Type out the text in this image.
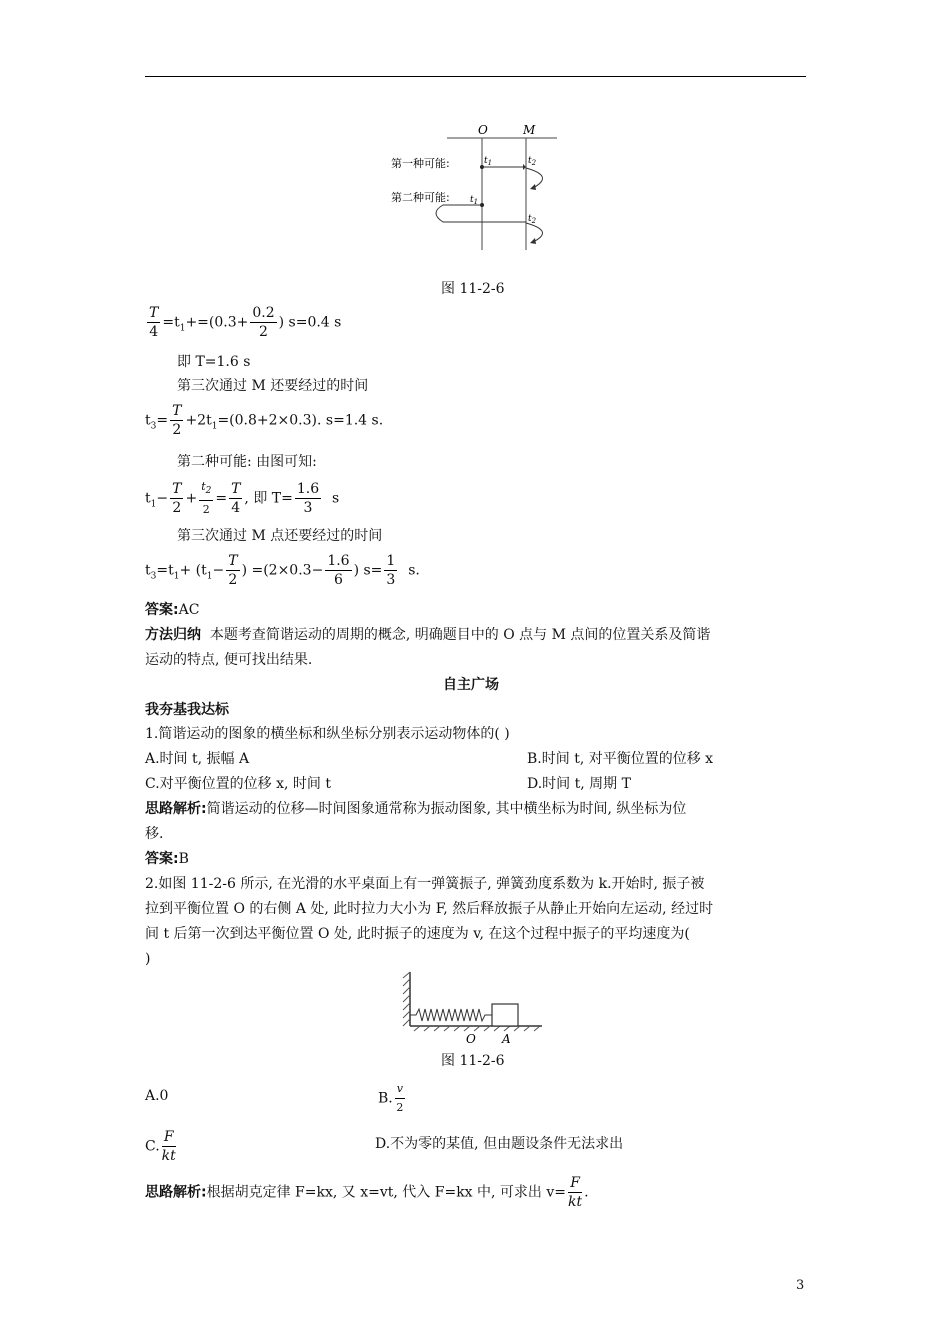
O	M
第一种可能:
第二种可能:
$t_1$	$t_2$
$t_1$
$t_2$
图 11-2-6
$\frac{T}{4} =t_1+=(0.3+ \frac{0.2}{2}$ ) s=0.4 s
即 T=1.6 s
第三次通过 M 还要经过的时间
$t_3= \frac{T}{2} +2t_1=(0.8+2\times 0.3)$. s=1.4 s.
第二种可能: 由图可知:
$t_1- \frac{T}{2} + \frac{t_2}{2} = \frac{T}{4}$ , 即 $T= \frac{1.6}{3}$ s
第三次通过 M 点还要经过的时间
$t_3=t_1+ (t_1- \frac{T}{2}$ ) $=(2\times 0.3- \frac{1.6}{6}$ ) $s= \frac{1}{3} s$.
答案:AC
方法归纳 本题考查简谐运动的周期的概念, 明确题目中的 O 点与 M 点间的位置关系及简谐
运动的特点, 便可找出结果.
自主广场
我夯基我达标
1.简谐运动的图象的横坐标和纵坐标分别表示运动物体的( )
A.时间 t, 振幅 A	B.时间 t, 对平衡位置的位移 x
C.对平衡位置的位移 x, 时间 t	D.时间 t, 周期 T
思路解析:简谐运动的位移—时间图象通常称为振动图象, 其中横坐标为时间, 纵坐标为位
移.
答案:B
2.如图 11-2-6 所示, 在光滑的水平桌面上有一弹簧振子, 弹簧劲度系数为 k.开始时, 振子被
拉到平衡位置 O 的右侧 A 处, 此时拉力大小为 F, 然后释放振子从静止开始向左运动, 经过时
间 t 后第一次到达平衡位置 O 处, 此时振子的速度为 v, 在这个过程中振子的平均速度为(
)
O A
图 11-2-6
A.0	B. $\frac{v}{2}$
C. $\frac{F}{kt}$	D.不为零的某值, 但由题设条件无法求出
思路解析:根据胡克定律 F=kx, 又 x=vt, 代入 F=kx 中, 可求出 $v= \frac{F}{kt}$ .
3
